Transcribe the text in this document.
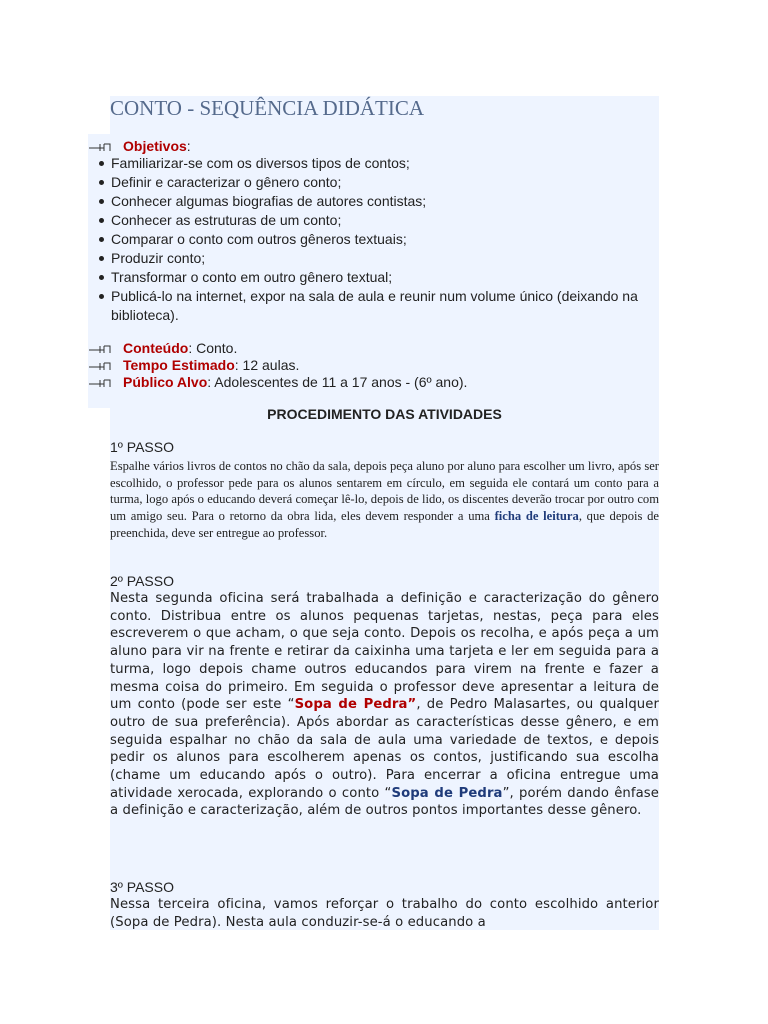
CONTO - SEQUÊNCIA DIDÁTICA
Objetivos:
Familiarizar-se com os diversos tipos de contos;
Definir e caracterizar o gênero conto;
Conhecer algumas biografias de autores contistas;
Conhecer as estruturas de um conto;
Comparar o conto com outros gêneros textuais;
Produzir conto;
Transformar o conto em outro gênero textual;
Publicá-lo na internet, expor na sala de aula e reunir num volume único (deixando na biblioteca).
Conteúdo: Conto.
Tempo Estimado: 12 aulas.
Público Alvo: Adolescentes de 11 a 17 anos - (6º ano).
PROCEDIMENTO DAS ATIVIDADES
1º PASSO
Espalhe vários livros de contos no chão da sala, depois peça aluno por aluno para escolher um livro, após ser escolhido, o professor pede para os alunos sentarem em círculo, em seguida ele contará um conto para a turma, logo após o educando deverá começar lê-lo, depois de lido, os discentes deverão trocar por outro com um amigo seu. Para o retorno da obra lida, eles devem responder a uma ficha de leitura, que depois de preenchida, deve ser entregue ao professor.
2º PASSO
Nesta segunda oficina será trabalhada a definição e caracterização do gênero conto. Distribua entre os alunos pequenas tarjetas, nestas, peça para eles escreverem o que acham, o que seja conto. Depois os recolha, e após peça a um aluno para vir na frente e retirar da caixinha uma tarjeta e ler em seguida para a turma, logo depois chame outros educandos para virem na frente e fazer a mesma coisa do primeiro. Em seguida o professor deve apresentar a leitura de um conto (pode ser este “Sopa de Pedra”, de Pedro Malasartes, ou qualquer outro de sua preferência). Após abordar as características desse gênero, e em seguida espalhar no chão da sala de aula uma variedade de textos, e depois pedir os alunos para escolherem apenas os contos, justificando sua escolha (chame um educando após o outro). Para encerrar a oficina entregue uma atividade xerocada, explorando o conto “Sopa de Pedra”, porém dando ênfase a definição e caracterização, além de outros pontos importantes desse gênero.
3º PASSO
Nessa terceira oficina, vamos reforçar o trabalho do conto escolhido anterior (Sopa de Pedra). Nesta aula conduzir-se-á o educando a
